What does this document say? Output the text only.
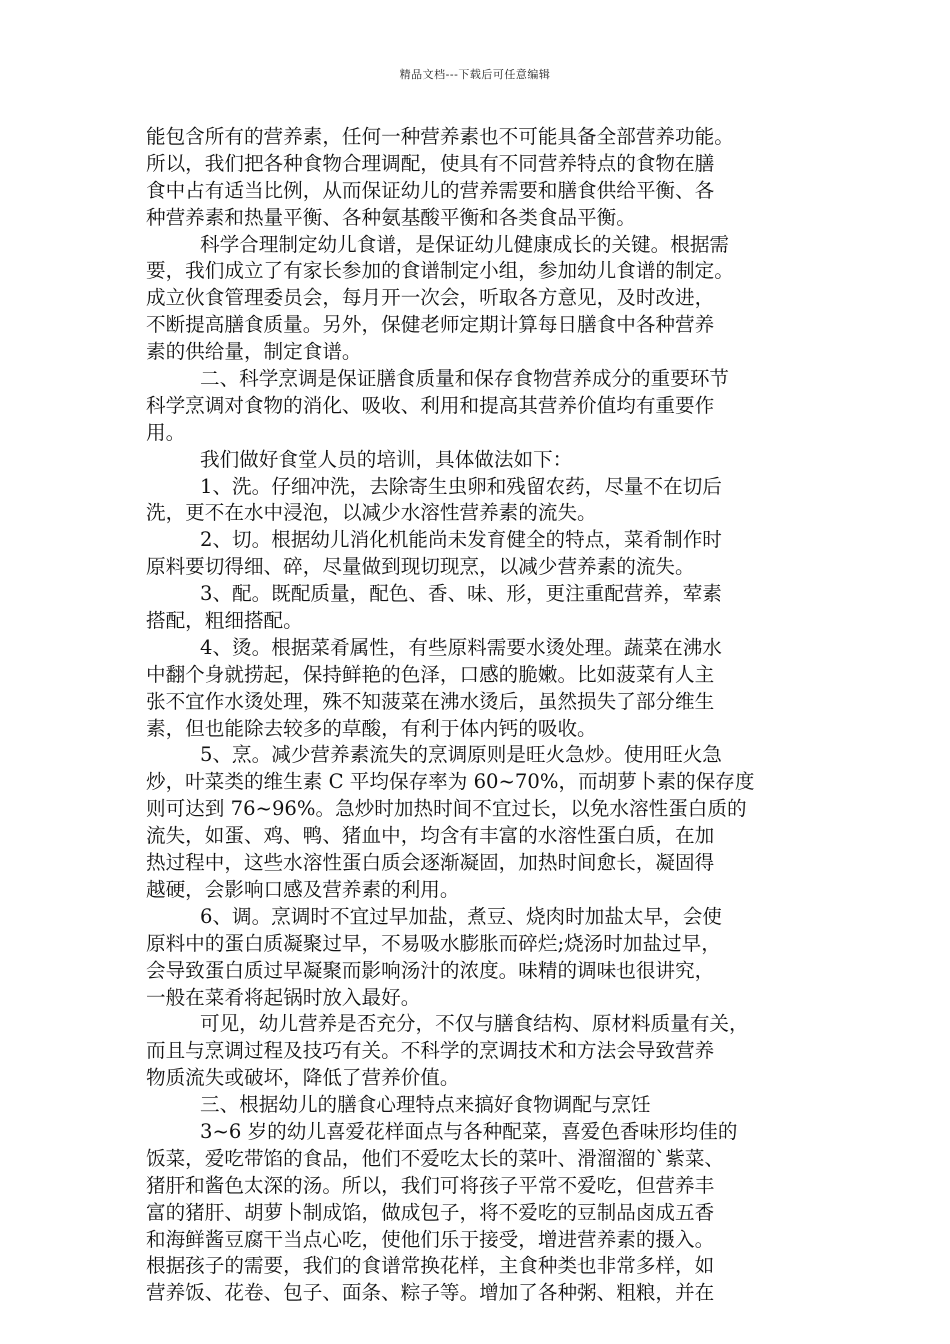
精品文档---下载后可任意编辑
能包含所有的营养素，任何一种营养素也不可能具备全部营养功能。
所以，我们把各种食物合理调配，使具有不同营养特点的食物在膳
食中占有适当比例，从而保证幼儿的营养需要和膳食供给平衡、各
种营养素和热量平衡、各种氨基酸平衡和各类食品平衡。
科学合理制定幼儿食谱，是保证幼儿健康成长的关键。根据需
要，我们成立了有家长参加的食谱制定小组，参加幼儿食谱的制定。
成立伙食管理委员会，每月开一次会，听取各方意见，及时改进，
不断提高膳食质量。另外，保健老师定期计算每日膳食中各种营养
素的供给量，制定食谱。
二、科学烹调是保证膳食质量和保存食物营养成分的重要环节
科学烹调对食物的消化、吸收、利用和提高其营养价值均有重要作
用。
我们做好食堂人员的培训，具体做法如下：
1、洗。仔细冲洗，去除寄生虫卵和残留农药，尽量不在切后
洗，更不在水中浸泡，以减少水溶性营养素的流失。
2、切。根据幼儿消化机能尚未发育健全的特点，菜肴制作时
原料要切得细、碎，尽量做到现切现烹，以减少营养素的流失。
3、配。既配质量，配色、香、味、形，更注重配营养，荤素
搭配，粗细搭配。
4、烫。根据菜肴属性，有些原料需要水烫处理。蔬菜在沸水
中翻个身就捞起，保持鲜艳的色泽，口感的脆嫩。比如菠菜有人主
张不宜作水烫处理，殊不知菠菜在沸水烫后，虽然损失了部分维生
素，但也能除去较多的草酸，有利于体内钙的吸收。
5、烹。减少营养素流失的烹调原则是旺火急炒。使用旺火急
炒，叶菜类的维生素 C 平均保存率为 60~70%，而胡萝卜素的保存度
则可达到 76~96%。急炒时加热时间不宜过长，以免水溶性蛋白质的
流失，如蛋、鸡、鸭、猪血中，均含有丰富的水溶性蛋白质，在加
热过程中，这些水溶性蛋白质会逐渐凝固，加热时间愈长，凝固得
越硬，会影响口感及营养素的利用。
6、调。烹调时不宜过早加盐，煮豆、烧肉时加盐太早，会使
原料中的蛋白质凝聚过早，不易吸水膨胀而碎烂;烧汤时加盐过早，
会导致蛋白质过早凝聚而影响汤汁的浓度。味精的调味也很讲究，
一般在菜肴将起锅时放入最好。
可见，幼儿营养是否充分，不仅与膳食结构、原材料质量有关，
而且与烹调过程及技巧有关。不科学的烹调技术和方法会导致营养
物质流失或破坏，降低了营养价值。
三、根据幼儿的膳食心理特点来搞好食物调配与烹饪
3~6 岁的幼儿喜爱花样面点与各种配菜，喜爱色香味形均佳的
饭菜，爱吃带馅的食品，他们不爱吃太长的菜叶、滑溜溜的`紫菜、
猪肝和酱色太深的汤。所以，我们可将孩子平常不爱吃，但营养丰
富的猪肝、胡萝卜制成馅，做成包子，将不爱吃的豆制品卤成五香
和海鲜酱豆腐干当点心吃，使他们乐于接受，增进营养素的摄入。
根据孩子的需要，我们的食谱常换花样，主食种类也非常多样，如
营养饭、花卷、包子、面条、粽子等。增加了各种粥、粗粮，并在
